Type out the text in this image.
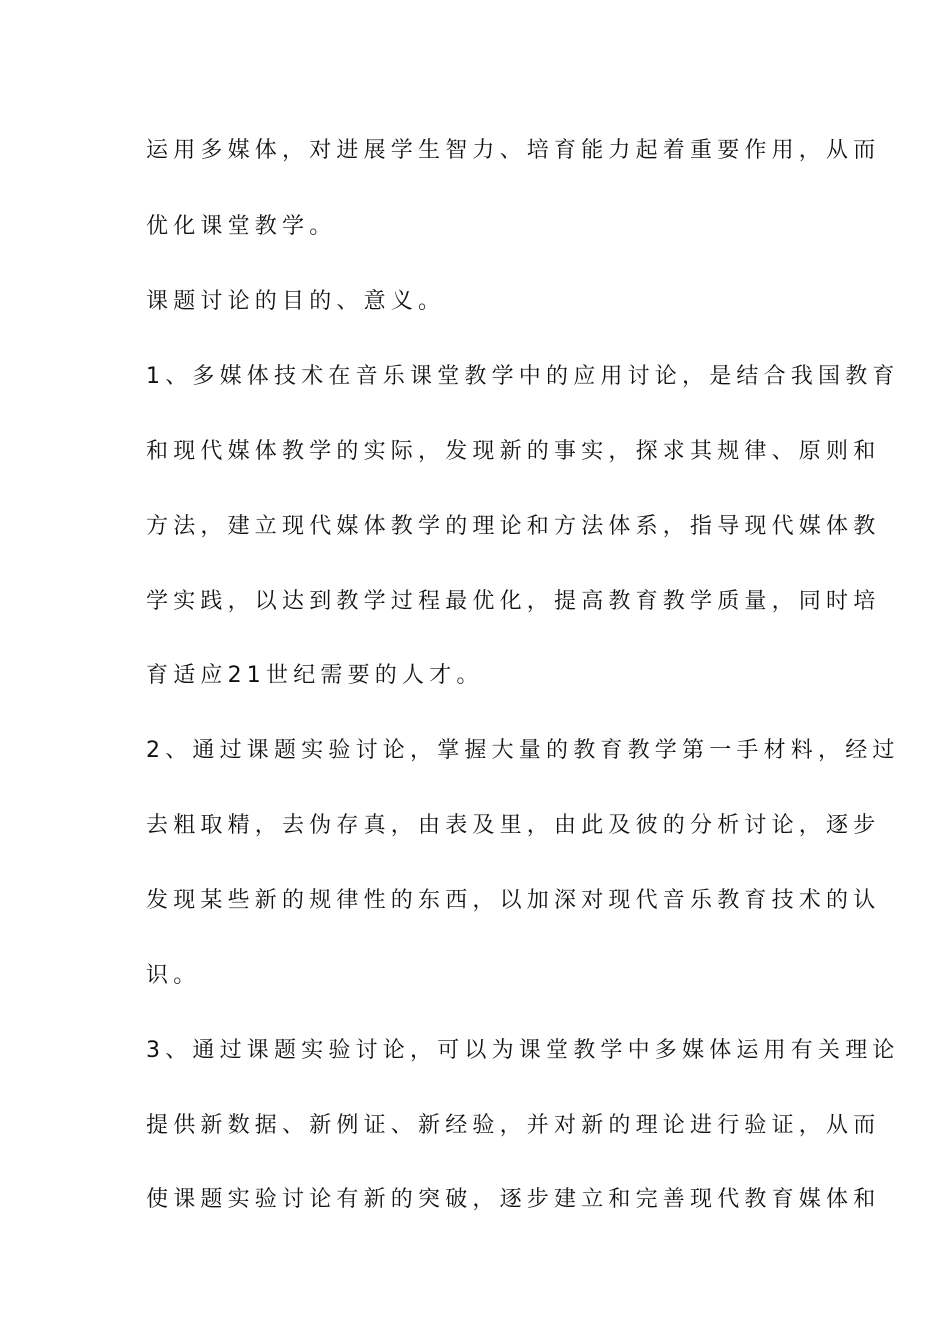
运用多媒体，对进展学生智力、培育能力起着重要作用，从而

优化课堂教学。

课题讨论的目的、意义。

1、多媒体技术在音乐课堂教学中的应用讨论，是结合我国教育

和现代媒体教学的实际，发现新的事实，探求其规律、原则和

方法，建立现代媒体教学的理论和方法体系，指导现代媒体教

学实践，以达到教学过程最优化，提高教育教学质量，同时培

育适应21世纪需要的人才。

2、通过课题实验讨论，掌握大量的教育教学第一手材料，经过

去粗取精，去伪存真，由表及里，由此及彼的分析讨论，逐步

发现某些新的规律性的东西，以加深对现代音乐教育技术的认

识。

3、通过课题实验讨论，可以为课堂教学中多媒体运用有关理论

提供新数据、新例证、新经验，并对新的理论进行验证，从而

使课题实验讨论有新的突破，逐步建立和完善现代教育媒体和
